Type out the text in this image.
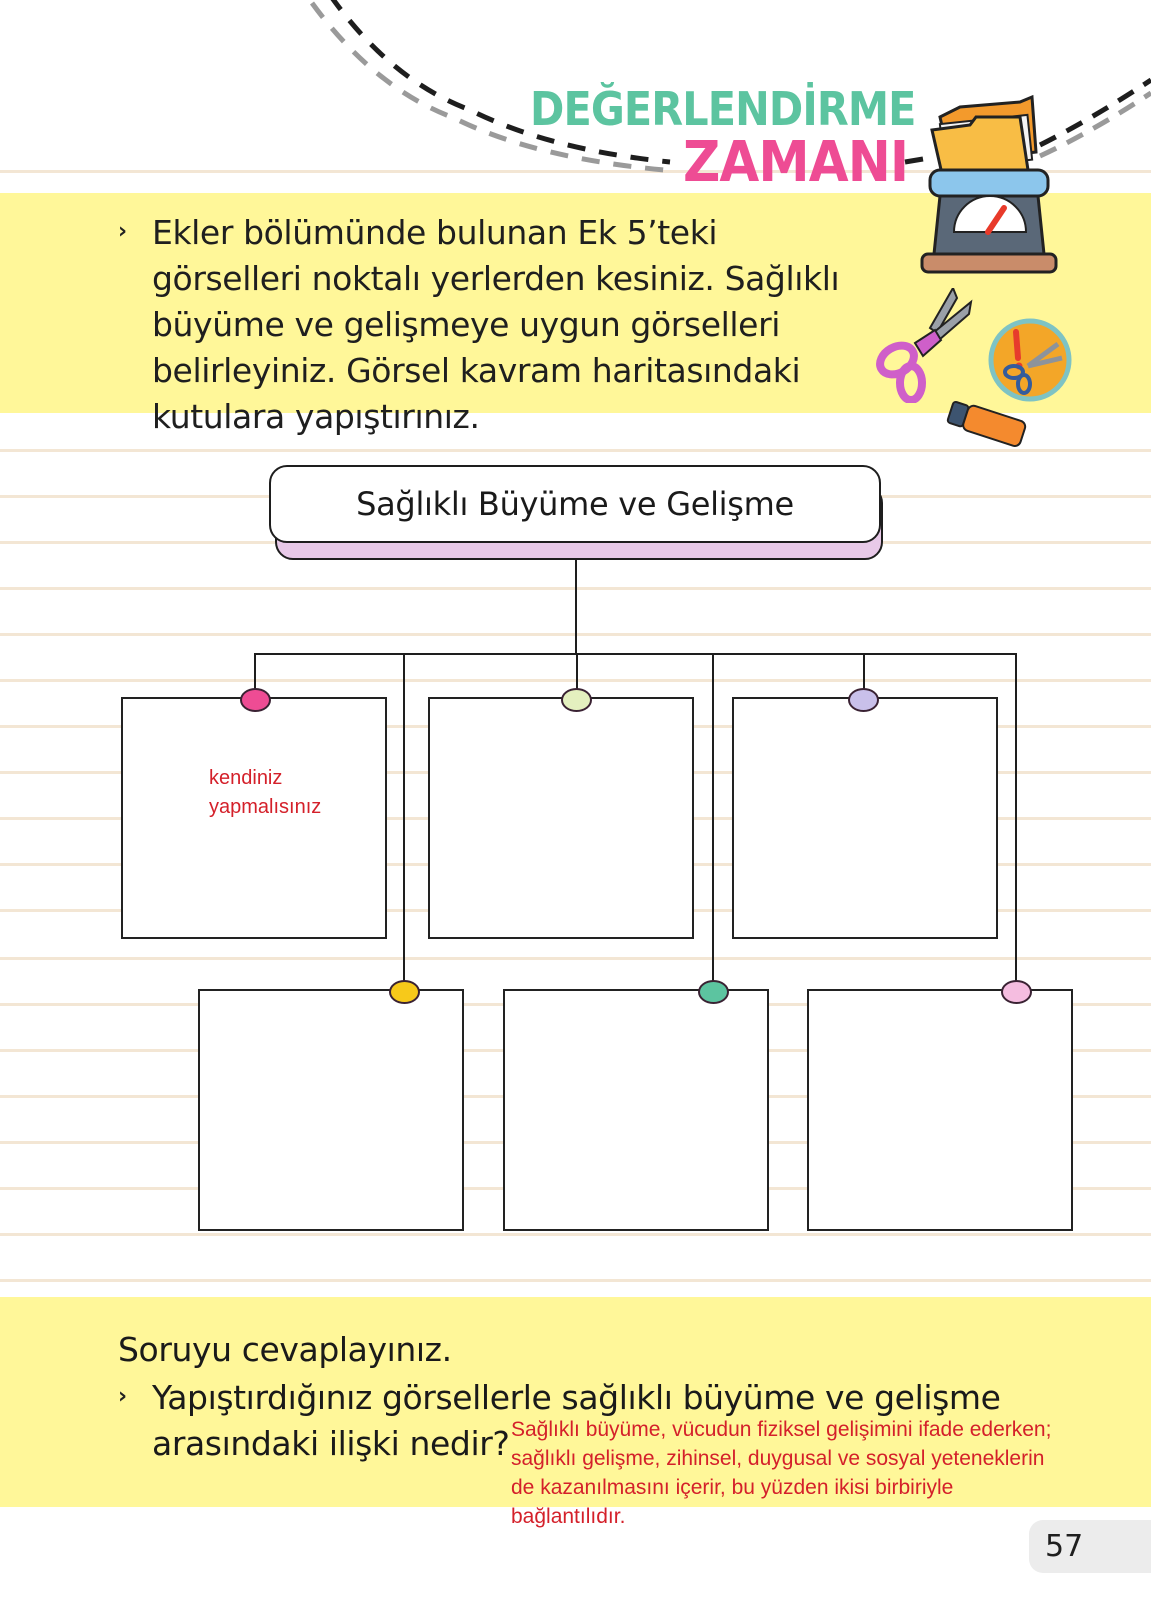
DEĞERLENDİRME
ZAMANI
› Ekler bölümünde bulunan Ek 5’teki görselleri noktalı yerlerden kesiniz. Sağlıklı büyüme ve gelişmeye uygun görselleri belirleyiniz. Görsel kavram haritasındaki kutulara yapıştırınız.
Sağlıklı Büyüme ve Gelişme
kendiniz
yapmalısınız
Soruyu cevaplayınız.
› Yapıştırdığınız görsellerle sağlıklı büyüme ve gelişme arasındaki ilişki nedir? Sağlıklı büyüme, vücudun fiziksel gelişimini ifade ederken; sağlıklı gelişme, zihinsel, duygusal ve sosyal yeteneklerin de kazanılmasını içerir, bu yüzden ikisi birbiriyle bağlantılıdır.
57
